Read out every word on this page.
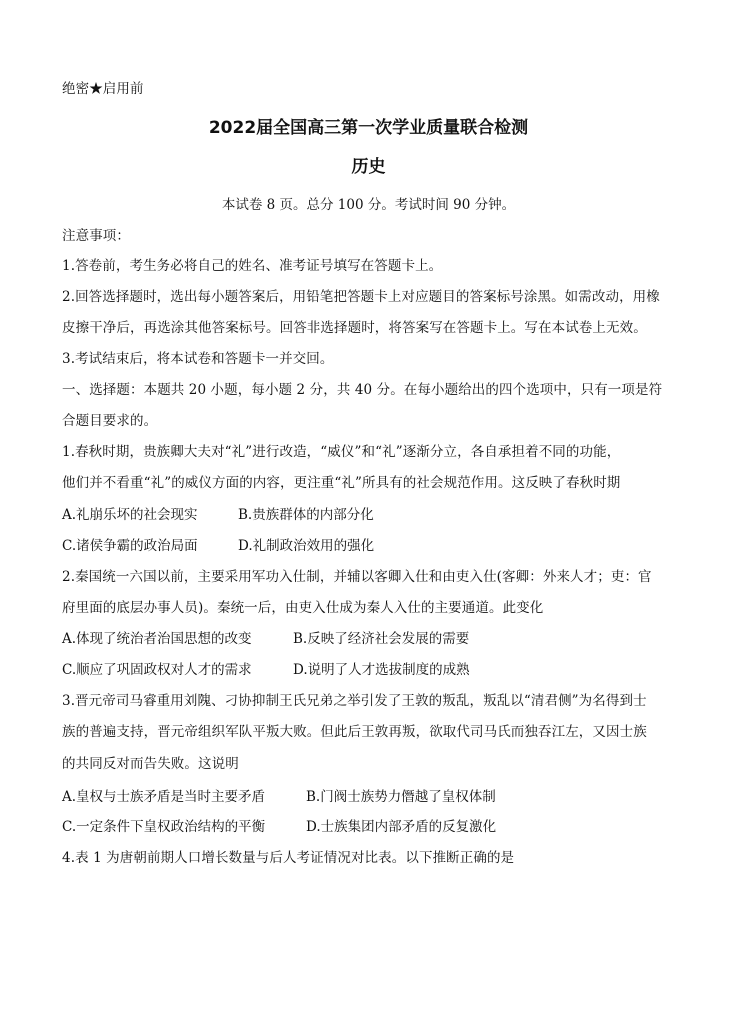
绝密★启用前
2022届全国高三第一次学业质量联合检测
历史
本试卷 8 页。总分 100 分。考试时间 90 分钟。
注意事项：
1.答卷前，考生务必将自己的姓名、准考证号填写在答题卡上。
2.回答选择题时，选出每小题答案后，用铅笔把答题卡上对应题目的答案标号涂黑。如需改动，用橡
皮擦干净后，再选涂其他答案标号。回答非选择题时，将答案写在答题卡上。写在本试卷上无效。
3.考试结束后，将本试卷和答题卡一并交回。
一、选择题：本题共 20 小题，每小题 2 分，共 40 分。在每小题给出的四个选项中，只有一项是符
合题目要求的。
1.春秋时期，贵族卿大夫对“礼”进行改造，“威仪”和“礼”逐渐分立，各自承担着不同的功能，
他们并不看重“礼”的威仪方面的内容，更注重“礼”所具有的社会规范作用。这反映了春秋时期
A.礼崩乐坏的社会现实	B.贵族群体的内部分化
C.诸侯争霸的政治局面	D.礼制政治效用的强化
2.秦国统一六国以前，主要采用军功入仕制，并辅以客卿入仕和由吏入仕(客卿：外来人才；吏：官
府里面的底层办事人员)。秦统一后，由吏入仕成为秦人入仕的主要通道。此变化
A.体现了统治者治国思想的改变	B.反映了经济社会发展的需要
C.顺应了巩固政权对人才的需求	D.说明了人才选拔制度的成熟
3.晋元帝司马睿重用刘隗、刁协抑制王氏兄弟之举引发了王敦的叛乱，叛乱以“清君侧”为名得到士
族的普遍支持，晋元帝组织军队平叛大败。但此后王敦再叛，欲取代司马氏而独吞江左，又因士族
的共同反对而告失败。这说明
A.皇权与士族矛盾是当时主要矛盾	B.门阀士族势力僭越了皇权体制
C.一定条件下皇权政治结构的平衡	D.士族集团内部矛盾的反复激化
4.表 1 为唐朝前期人口增长数量与后人考证情况对比表。以下推断正确的是
